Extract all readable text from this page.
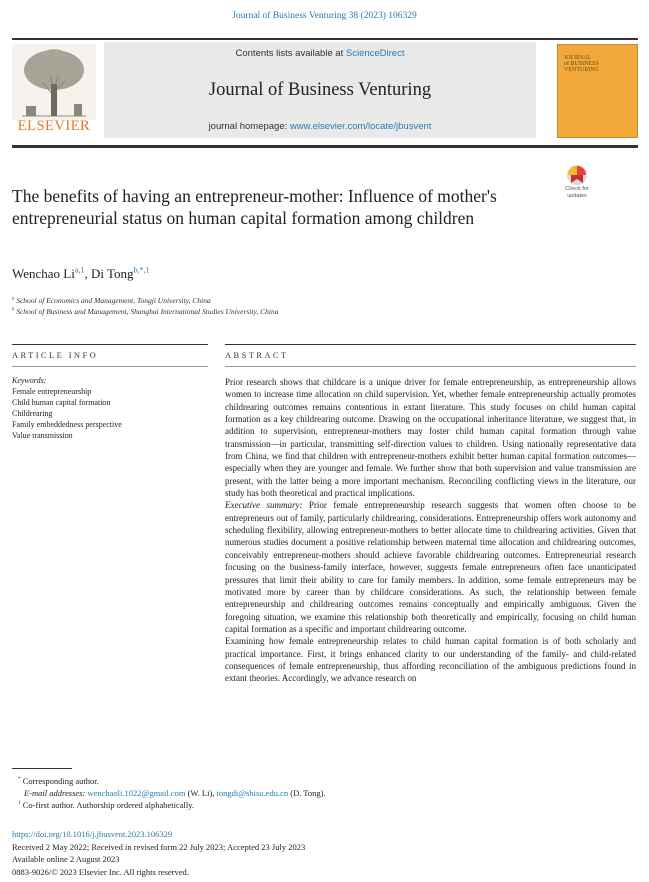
Journal of Business Venturing 38 (2023) 106329
ELSEVIER
Contents lists available at ScienceDirect
Journal of Business Venturing
journal homepage: www.elsevier.com/locate/jbusvent
JOURNAL
of BUSINESS
VENTURING
The benefits of having an entrepreneur-mother: Influence of mother's entrepreneurial status on human capital formation among children
Check for
updates
Wenchao Li$^{a,1}$, Di Tong$^{b,*,1}$
$^a$ School of Economics and Management, Tongji University, China
$^b$ School of Business and Management, Shanghai International Studies University, China
ARTICLE INFO	ABSTRACT
Keywords:
Female entrepreneurship
Child human capital formation
Childrearing
Family embeddedness perspective
Value transmission

Prior research shows that childcare is a unique driver for female entrepreneurship, as entrepreneurship allows women to increase time allocation on child supervision. Yet, whether female entrepreneurship actually promotes childrearing outcomes remains contentious in extant literature. This study focuses on child human capital formation as a key childrearing outcome. Drawing on the occupational inheritance literature, we suggest that, in addition to supervision, entrepreneur-mothers may foster child human capital formation through value transmission—in particular, transmitting self-direction values to children. Using nationally representative data from China, we find that children with entrepreneur-mothers exhibit better human capital formation outcomes—especially when they are younger and female. We further show that both supervision and value transmission are present, with the latter being a more important mechanism. Reconciling conflicting views in the literature, our study has both theoretical and practical implications.

Executive summary: Prior female entrepreneurship research suggests that women often choose to be entrepreneurs out of family, particularly childrearing, considerations. Entrepreneurship offers work autonomy and scheduling flexibility, allowing entrepreneur-mothers to better allocate time to childrearing activities. Given that numerous studies document a positive relationship between maternal time allocation and childrearing outcomes, conceivably entrepreneur-mothers should achieve favorable childrearing outcomes. Entrepreneurial research focusing on the business-family interface, however, suggests female entrepreneurs often face unanticipated pressures that limit their ability to care for family members. In addition, some female entrepreneurs may be motivated more by career than by childcare considerations. As such, the relationship between female entrepreneurship and childrearing outcomes remains conceptually and empirically ambiguous. Given the foregoing situation, we examine this relationship both theoretically and empirically, focusing on child human capital formation as a specific and important childrearing outcome.

Examining how female entrepreneurship relates to child human capital formation is of both scholarly and practical importance. First, it brings enhanced clarity to our understanding of the family- and child-related consequences of female entrepreneurship, thus affording reconciliation of the ambiguous predictions found in extant theories. Accordingly, we advance research on

* Corresponding author.
E-mail addresses: wenchaoli.1022@gmail.com (W. Li), tongdi@shisu.edu.cn (D. Tong).
$^1$ Co-first author. Authorship ordered alphabetically.
https://doi.org/10.1016/j.jbusvent.2023.106329
Received 2 May 2022; Received in revised form 22 July 2023; Accepted 23 July 2023
Available online 2 August 2023
0883-9026/© 2023 Elsevier Inc. All rights reserved.
